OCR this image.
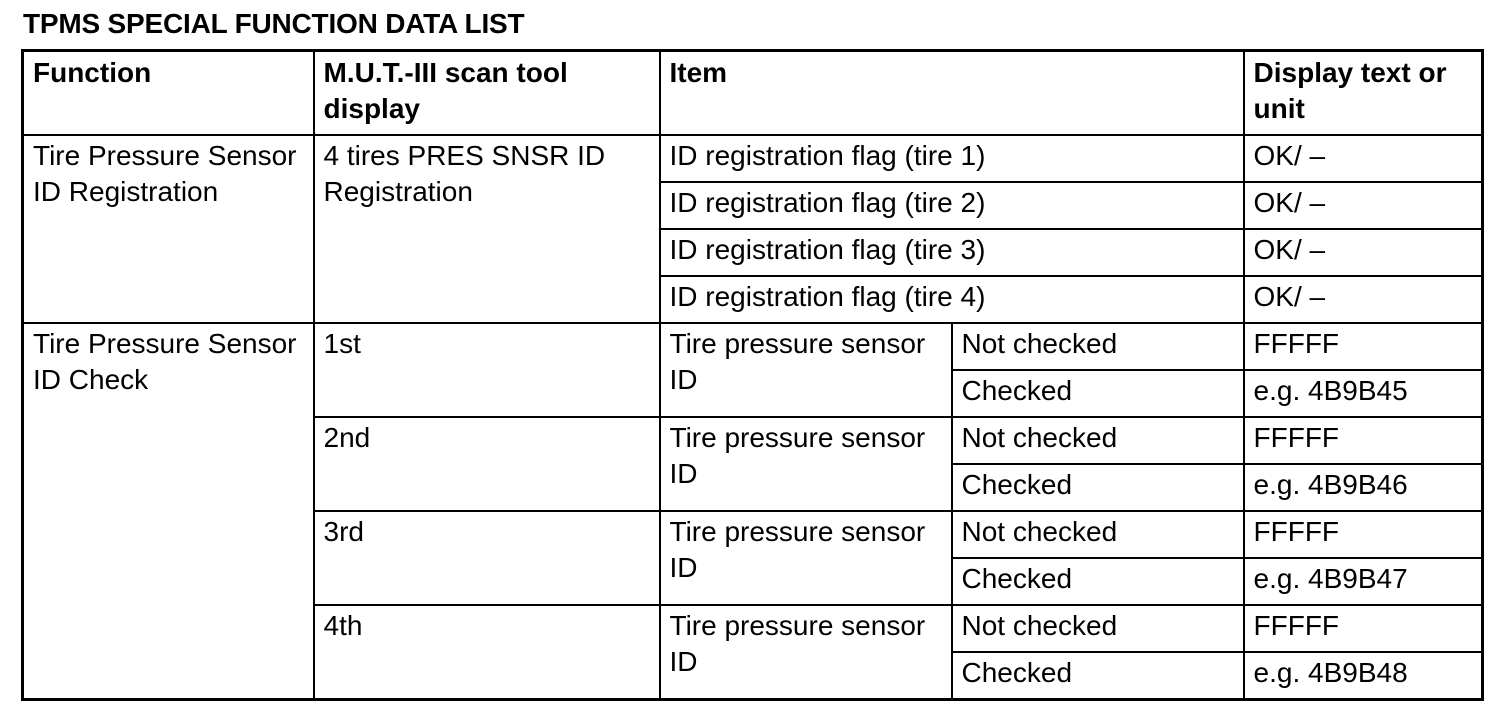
TPMS SPECIAL FUNCTION DATA LIST
Function	M.U.T.-III scan tool display	Item		Display text or unit
Tire Pressure Sensor ID Registration	4 tires PRES SNSR ID Registration	ID registration flag (tire 1)		OK/ –
		ID registration flag (tire 2)		OK/ –
		ID registration flag (tire 3)		OK/ –
		ID registration flag (tire 4)		OK/ –
Tire Pressure Sensor ID Check	1st	Tire pressure sensor ID	Not checked	FFFFF
			Checked	e.g. 4B9B45
	2nd	Tire pressure sensor ID	Not checked	FFFFF
			Checked	e.g. 4B9B46
	3rd	Tire pressure sensor ID	Not checked	FFFFF
			Checked	e.g. 4B9B47
	4th	Tire pressure sensor ID	Not checked	FFFFF
			Checked	e.g. 4B9B48
